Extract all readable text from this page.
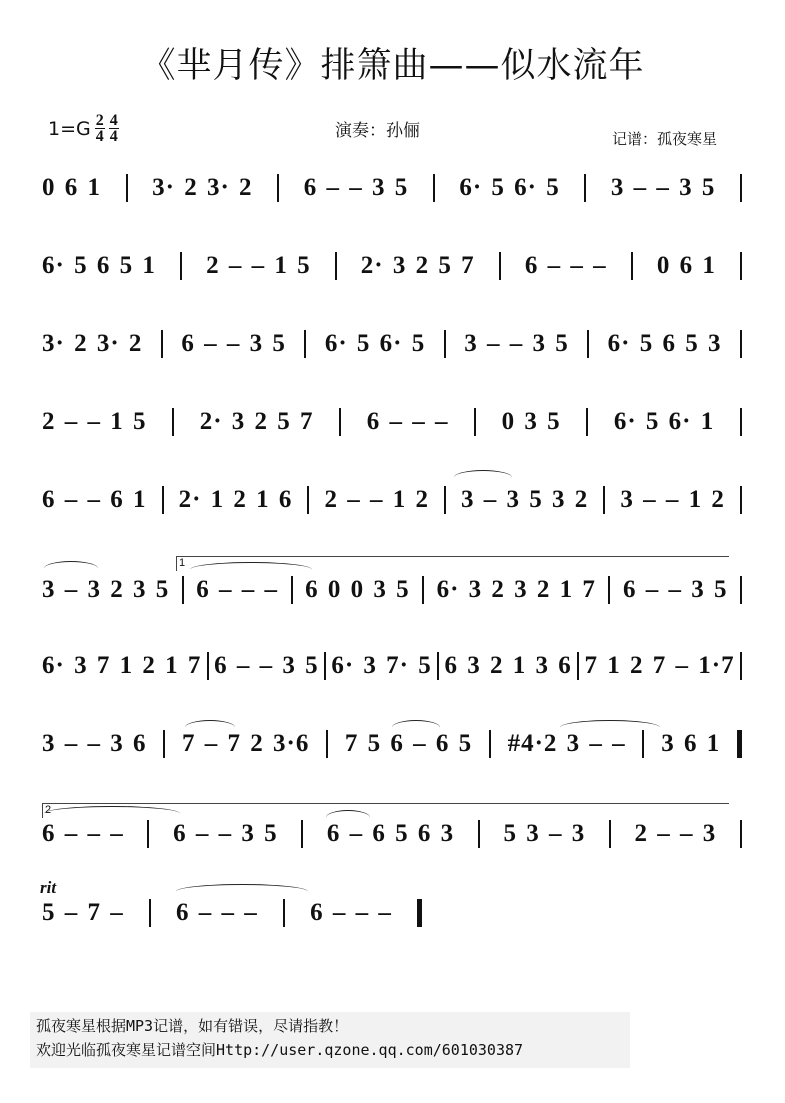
《芈月传》排箫曲——似水流年
$1=G \frac{2}{4} \frac{4}{4}$	演奏：孙俪	记谱：孤夜寒星
0 6 1 3· 2 3· 2 6 – – 3 5 6· 5 6· 5 3 – – 3 5
6· 5 6 5 1 2 – – 1 5 2· 3 2 5 7 6 – – – 0 6 1
3· 2 3· 2 6 – – 3 5 6· 5 6· 5 3 – – 3 5 6· 5 6 5 3
2 – – 1 5 2· 3 2 5 7 6 – – – 0 3 5 6· 5 6· 1
6 – – 6 1 2· 1 2 1 6 2 – – 1 2 3 – 3 5 3 2 3 – – 1 2
3 – 3 2 3 5 6 – – – 6 0 0 3 5 6· 3 2 3 2 1 7 6 – – 3 5
6· 3 7 1 2 1 7 6 – – 3 5 6· 3 7· 5 6 3 2 1 3 6 7 1 2 7 – 1·7
3 – – 3 6 7 – 7 2 3·6 7 5 6 – 6 5 #4·2 3 – – 3 6 1
6 – – – 6 – – 3 5 6 – 6 5 6 3 5 3 – 3 2 – – 3
5 – 7 – 6 – – – 6 – – –
1
2
rit
孤夜寒星根据MP3记谱，如有错误，尽请指教！
欢迎光临孤夜寒星记谱空间Http://user.qzone.qq.com/601030387
